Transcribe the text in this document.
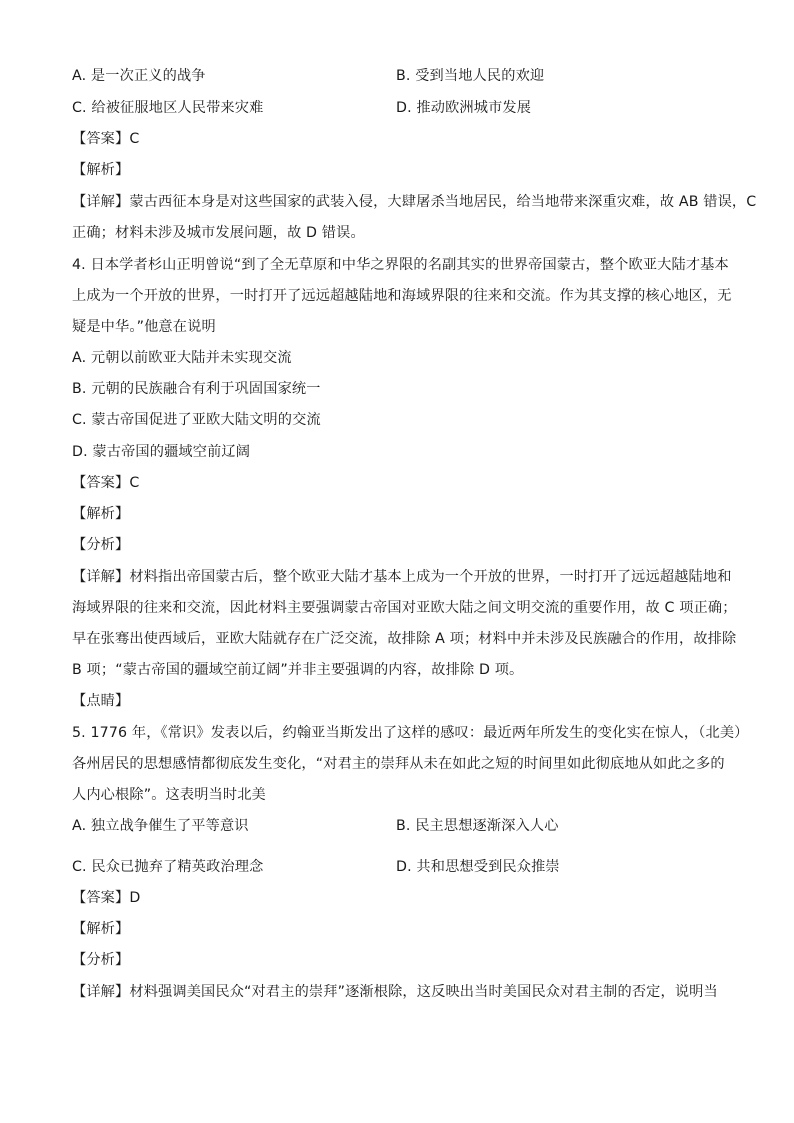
A. 是一次正义的战争	B. 受到当地人民的欢迎
C. 给被征服地区人民带来灾难	D. 推动欧洲城市发展
【答案】C
【解析】
【详解】蒙古西征本身是对这些国家的武装入侵，大肆屠杀当地居民，给当地带来深重灾难，故 AB 错误，C
正确；材料未涉及城市发展问题，故 D 错误。
4. 日本学者杉山正明曾说“到了全无草原和中华之界限的名副其实的世界帝国蒙古，整个欧亚大陆才基本
上成为一个开放的世界，一时打开了远远超越陆地和海域界限的往来和交流。作为其支撑的核心地区，无
疑是中华。”他意在说明
A. 元朝以前欧亚大陆并未实现交流
B. 元朝的民族融合有利于巩固国家统一
C. 蒙古帝国促进了亚欧大陆文明的交流
D. 蒙古帝国的疆域空前辽阔
【答案】C
【解析】
【分析】
【详解】材料指出帝国蒙古后，整个欧亚大陆才基本上成为一个开放的世界，一时打开了远远超越陆地和
海域界限的往来和交流，因此材料主要强调蒙古帝国对亚欧大陆之间文明交流的重要作用，故 C 项正确；
早在张骞出使西域后，亚欧大陆就存在广泛交流，故排除 A 项；材料中并未涉及民族融合的作用，故排除
B 项；“蒙古帝国的疆域空前辽阔”并非主要强调的内容，故排除 D 项。
【点睛】
5. 1776 年，《常识》发表以后，约翰亚当斯发出了这样的感叹：最近两年所发生的变化实在惊人，（北美）
各州居民的思想感情都彻底发生变化，“对君主的崇拜从未在如此之短的时间里如此彻底地从如此之多的
人内心根除”。这表明当时北美
A. 独立战争催生了平等意识	B. 民主思想逐渐深入人心
C. 民众已抛弃了精英政治理念	D. 共和思想受到民众推崇
【答案】D
【解析】
【分析】
【详解】材料强调美国民众“对君主的崇拜”逐渐根除，这反映出当时美国民众对君主制的否定，说明当
